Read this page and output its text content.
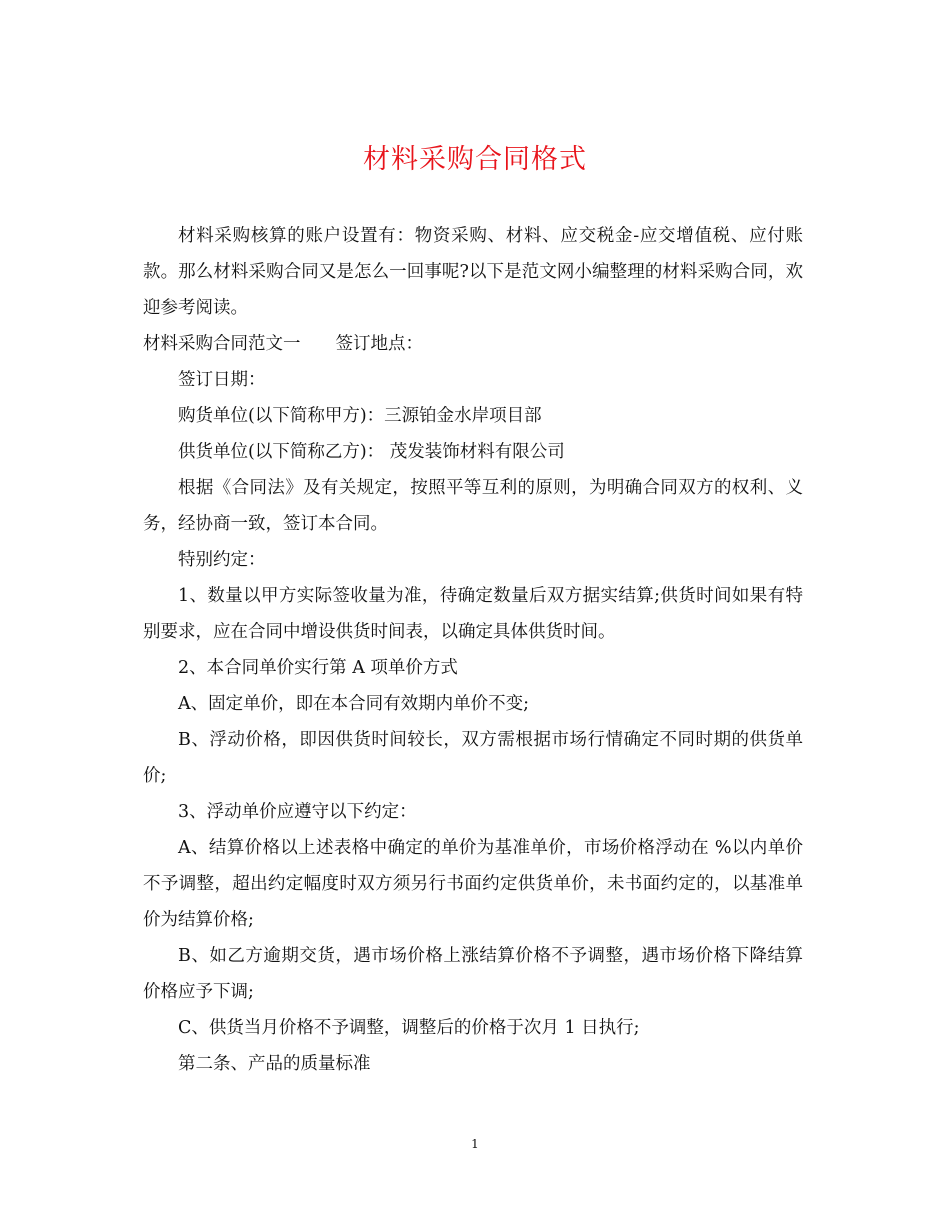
材料采购合同格式

材料采购核算的账户设置有：物资采购、材料、应交税金-应交增值税、应付账款。那么材料采购合同又是怎么一回事呢?以下是范文网小编整理的材料采购合同，欢迎参考阅读。

材料采购合同范文一　　签订地点：

签订日期：

购货单位(以下简称甲方)：三源铂金水岸项目部

供货单位(以下简称乙方)： 茂发装饰材料有限公司

根据《合同法》及有关规定，按照平等互利的原则，为明确合同双方的权利、义务，经协商一致，签订本合同。

特别约定：

1、数量以甲方实际签收量为准，待确定数量后双方据实结算;供货时间如果有特别要求，应在合同中增设供货时间表，以确定具体供货时间。

2、本合同单价实行第 A 项单价方式

A、固定单价，即在本合同有效期内单价不变;

B、浮动价格，即因供货时间较长，双方需根据市场行情确定不同时期的供货单价;

3、浮动单价应遵守以下约定：

A、结算价格以上述表格中确定的单价为基准单价，市场价格浮动在 %以内单价不予调整，超出约定幅度时双方须另行书面约定供货单价，未书面约定的，以基准单价为结算价格;

B、如乙方逾期交货，遇市场价格上涨结算价格不予调整，遇市场价格下降结算价格应予下调;

C、供货当月价格不予调整，调整后的价格于次月 1 日执行;

第二条、产品的质量标准

1
